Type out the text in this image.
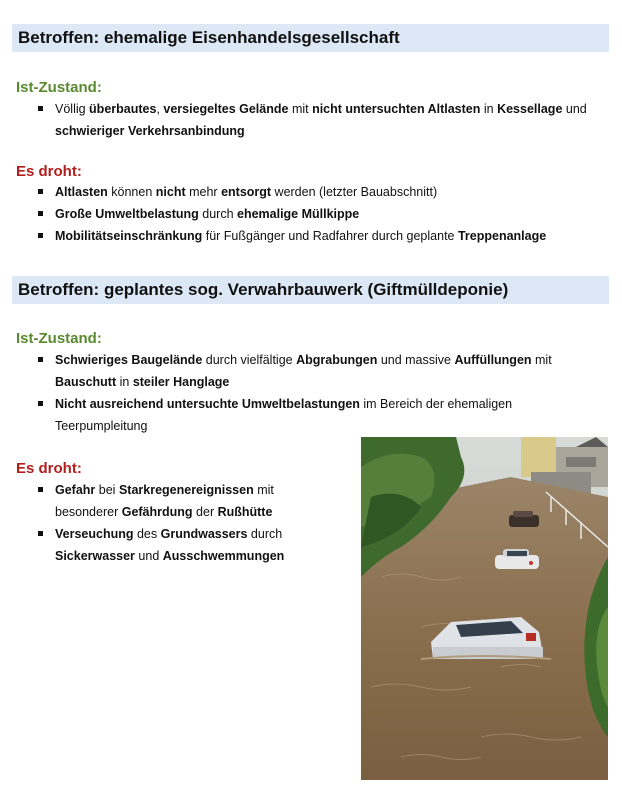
Betroffen: ehemalige Eisenhandelsgesellschaft
Ist-Zustand:
Völlig überbautes, versiegeltes Gelände mit nicht untersuchten Altlasten in Kessellage und schwieriger Verkehrsanbindung
Es droht:
Altlasten können nicht mehr entsorgt werden (letzter Bauabschnitt)
Große Umweltbelastung durch ehemalige Müllkippe
Mobilitätseinschränkung für Fußgänger und Radfahrer durch geplante Treppenanlage
Betroffen: geplantes sog. Verwahrbauwerk (Giftmülldeponie)
Ist-Zustand:
Schwieriges Baugelände durch vielfältige Abgrabungen und massive Auffüllungen mit Bauschutt in steiler Hanglage
Nicht ausreichend untersuchte Umweltbelastungen im Bereich der ehemaligen Teerpumpleitung
Es droht:
Gefahr bei Starkregenereignissen mit besonderer Gefährdung der Rußhütte
Verseuchung des Grundwassers durch Sickerwasser und Ausschwemmungen
